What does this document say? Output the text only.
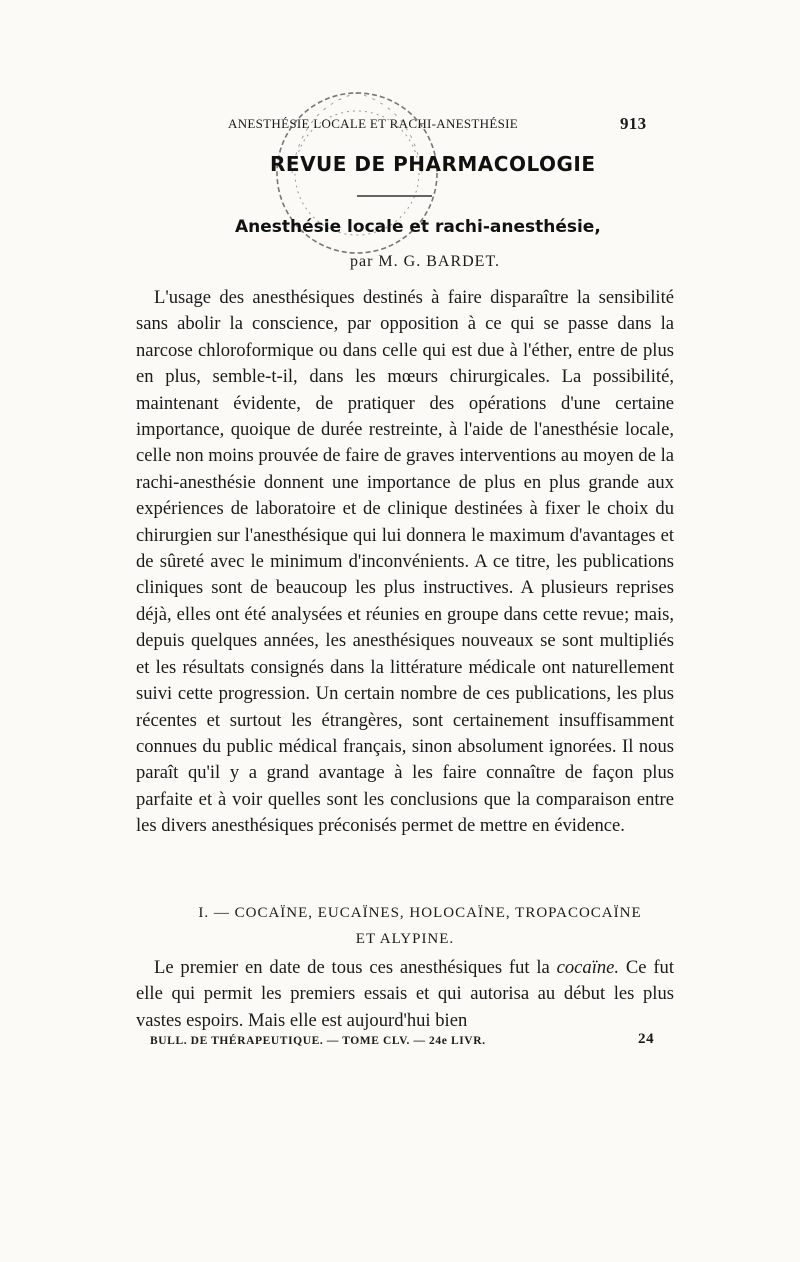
ANESTHÉSIE LOCALE ET RACHI-ANESTHÉSIE	913
REVUE DE PHARMACOLOGIE
Anesthésie locale et rachi-anesthésie,
par M. G. BARDET.

L'usage des anesthésiques destinés à faire disparaître la sensibilité sans abolir la conscience, par opposition à ce qui se passe dans la narcose chloroformique ou dans celle qui est due à l'éther, entre de plus en plus, semble-t-il, dans les mœurs chirurgicales. La possibilité, maintenant évidente, de pratiquer des opérations d'une certaine importance, quoique de durée restreinte, à l'aide de l'anesthésie locale, celle non moins prouvée de faire de graves interventions au moyen de la rachi-anesthésie donnent une importance de plus en plus grande aux expériences de laboratoire et de clinique destinées à fixer le choix du chirurgien sur l'anesthésique qui lui donnera le maximum d'avantages et de sûreté avec le minimum d'inconvénients. A ce titre, les publications cliniques sont de beaucoup les plus instructives. A plusieurs reprises déjà, elles ont été analysées et réunies en groupe dans cette revue; mais, depuis quelques années, les anesthésiques nouveaux se sont multipliés et les résultats consignés dans la littérature médicale ont naturellement suivi cette progression. Un certain nombre de ces publications, les plus récentes et surtout les étrangères, sont certainement insuffisamment connues du public médical français, sinon absolument ignorées. Il nous paraît qu'il y a grand avantage à les faire connaître de façon plus parfaite et à voir quelles sont les conclusions que la comparaison entre les divers anesthésiques préconisés permet de mettre en évidence.

I. — COCAÏNE, EUCAÏNES, HOLOCAÏNE, TROPACOCAÏNE
ET ALYPINE.

Le premier en date de tous ces anesthésiques fut la cocaïne. Ce fut elle qui permit les premiers essais et qui autorisa au début les plus vastes espoirs. Mais elle est aujourd'hui bien

BULL. DE THÉRAPEUTIQUE. — TOME CLV. — 24e LIVR.	24
